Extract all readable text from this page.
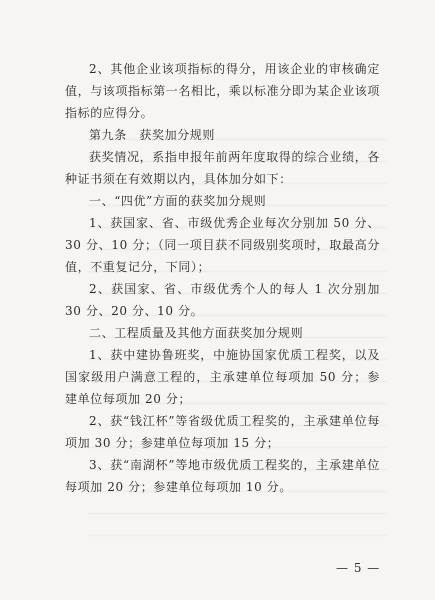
2、其他企业该项指标的得分，用该企业的审核确定值，与该项指标第一名相比，乘以标准分即为某企业该项指标的应得分。

第九条　获奖加分规则

获奖情况，系指申报年前两年度取得的综合业绩，各种证书须在有效期以内，具体加分如下：

一、“四优”方面的获奖加分规则

1、获国家、省、市级优秀企业每次分别加 50 分、30 分、10 分；（同一项目获不同级别奖项时，取最高分值，不重复记分，下同）；

2、获国家、省、市级优秀个人的每人 1 次分别加 30 分、20 分、10 分。

二、工程质量及其他方面获奖加分规则

1、获中建协鲁班奖，中施协国家优质工程奖，以及国家级用户满意工程的，主承建单位每项加 50 分；参建单位每项加 20 分；

2、获“钱江杯”等省级优质工程奖的，主承建单位每项加 30 分；参建单位每项加 15 分；

3、获“南湖杯”等地市级优质工程奖的，主承建单位每项加 20 分；参建单位每项加 10 分。

— 5 —
